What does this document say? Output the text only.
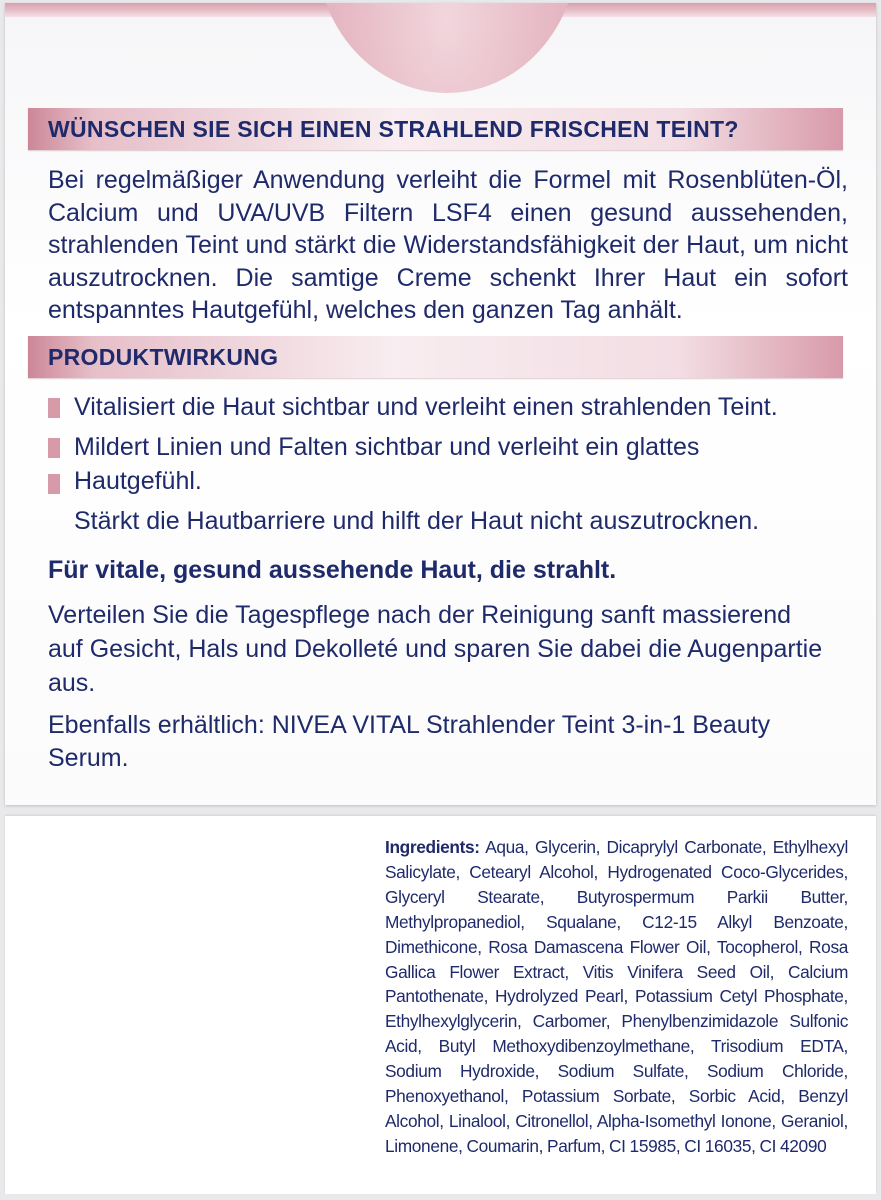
WÜNSCHEN SIE SICH EINEN STRAHLEND FRISCHEN TEINT?

Bei regelmäßiger Anwendung verleiht die Formel mit Rosenblüten-Öl, Calcium und UVA/UVB Filtern LSF4 einen gesund aussehenden, strahlenden Teint und stärkt die Widerstandsfähigkeit der Haut, um nicht auszutrocknen. Die samtige Creme schenkt Ihrer Haut ein sofort entspanntes Hautgefühl, welches den ganzen Tag anhält.

PRODUKTWIRKUNG
Vitalisiert die Haut sichtbar und verleiht einen strahlenden Teint.
Mildert Linien und Falten sichtbar und verleiht ein glattes Hautgefühl.
Stärkt die Hautbarriere und hilft der Haut nicht auszutrocknen.

Für vitale, gesund aussehende Haut, die strahlt.

Verteilen Sie die Tagespflege nach der Reinigung sanft massierend auf Gesicht, Hals und Dekolleté und sparen Sie dabei die Augenpartie aus.

Ebenfalls erhältlich: NIVEA VITAL Strahlender Teint 3-in-1 Beauty Serum.

Ingredients: Aqua, Glycerin, Dicaprylyl Carbonate, Ethylhexyl Salicylate, Cetearyl Alcohol, Hydrogenated Coco-Glycerides, Glyceryl Stearate, Butyrospermum Parkii Butter, Methylpropanediol, Squalane, C12-15 Alkyl Benzoate, Dimethicone, Rosa Damascena Flower Oil, Tocopherol, Rosa Gallica Flower Extract, Vitis Vinifera Seed Oil, Calcium Pantothenate, Hydrolyzed Pearl, Potassium Cetyl Phosphate, Ethylhexylglycerin, Carbomer, Phenylbenzimidazole Sulfonic Acid, Butyl Methoxydibenzoylmethane, Trisodium EDTA, Sodium Hydroxide, Sodium Sulfate, Sodium Chloride, Phenoxyethanol, Potassium Sorbate, Sorbic Acid, Benzyl Alcohol, Linalool, Citronellol, Alpha-Isomethyl Ionone, Geraniol, Limonene, Coumarin, Parfum, CI 15985, CI 16035, CI 42090
